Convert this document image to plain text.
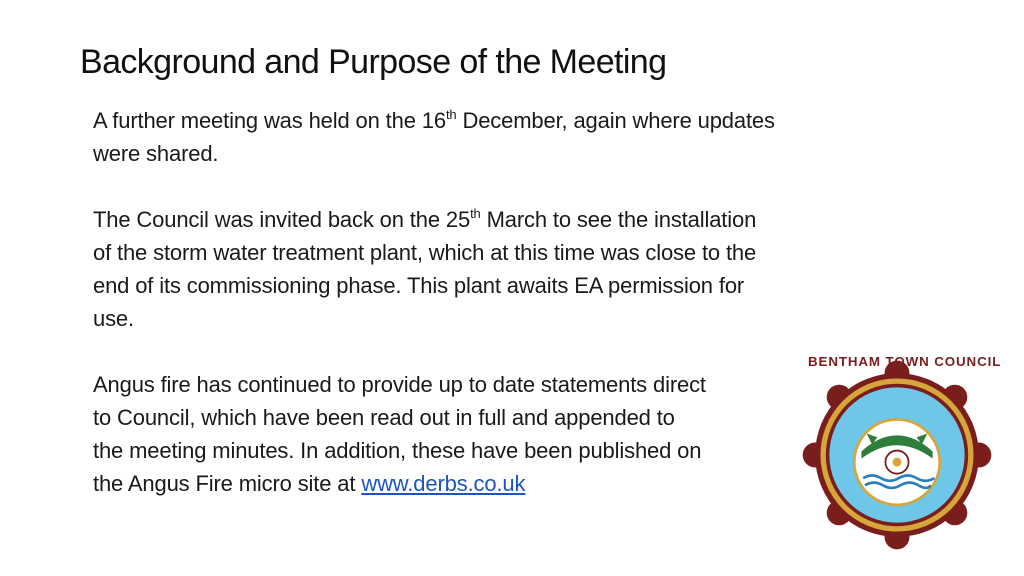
Background and Purpose of the Meeting

A further meeting was held on the 16th December, again where updates
were shared.

The Council was invited back on the 25th March to see the installation
of the storm water treatment plant, which at this time was close to the
end of its commissioning phase. This plant awaits EA permission for
use.

Angus fire has continued to provide up to date statements direct
to Council, which have been read out in full and appended to
the meeting minutes. In addition, these have been published on
the Angus Fire micro site at www.derbs.co.uk

BENTHAM TOWN COUNCIL
